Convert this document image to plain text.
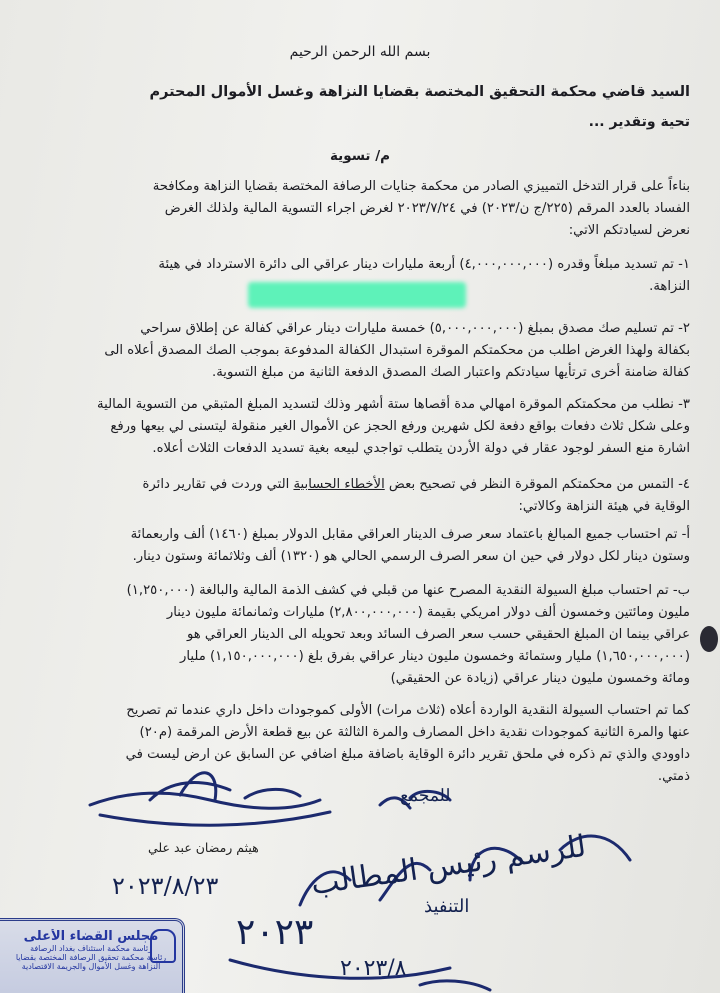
بسم الله الرحمن الرحيم
السيد قاضي محكمة التحقيق المختصة بقضايا النزاهة وغسل الأموال المحترم
تحية وتقدير ...
م/ تسوية
بناءاً على قرار التدخل التمييزي الصادر من محكمة جنايات الرصافة المختصة بقضايا النزاهة ومكافحة
الفساد بالعدد المرقم (٢٢٥/ج ن/٢٠٢٣) في ٢٠٢٣/٧/٢٤ لغرض اجراء التسوية المالية ولذلك الغرض
نعرض لسيادتكم الاتي:
١- تم تسديد مبلغاً وقدره (٤,٠٠٠,٠٠٠,٠٠٠) أربعة مليارات دينار عراقي الى دائرة الاسترداد في هيئة
النزاهة.
٢- تم تسليم صك مصدق بمبلغ (٥,٠٠٠,٠٠٠,٠٠٠) خمسة مليارات دينار عراقي كفالة عن إطلاق سراحي
بكفالة ولهذا الغرض اطلب من محكمتكم الموقرة استبدال الكفالة المدفوعة بموجب الصك المصدق أعلاه الى
كفالة ضامنة أخرى ترتأيها سيادتكم واعتبار الصك المصدق الدفعة الثانية من مبلغ التسوية.
٣- نطلب من محكمتكم الموقرة امهالي مدة أقصاها ستة أشهر وذلك لتسديد المبلغ المتبقي من التسوية المالية
وعلى شكل ثلاث دفعات بواقع دفعة لكل شهرين ورفع الحجز عن الأموال الغير منقولة ليتسنى لي بيعها ورفع
اشارة منع السفر لوجود عقار في دولة الأردن يتطلب تواجدي لبيعه بغية تسديد الدفعات الثلاث أعلاه.
٤- التمس من محكمتكم الموقرة النظر في تصحيح بعض الأخطاء الحسابية التي وردت في تقارير دائرة
الوقاية في هيئة النزاهة وكالاتي:
أ- تم احتساب جميع المبالغ باعتماد سعر صرف الدينار العراقي مقابل الدولار بمبلغ (١٤٦٠) ألف واربعمائة
وستون دينار لكل دولار في حين ان سعر الصرف الرسمي الحالي هو (١٣٢٠) ألف وثلاثمائة وستون دينار.
ب- تم احتساب مبلغ السيولة النقدية المصرح عنها من قبلي في كشف الذمة المالية والبالغة (١,٢٥٠,٠٠٠)
مليون ومائتين وخمسون ألف دولار امريكي بقيمة (٢,٨٠٠,٠٠٠,٠٠٠) مليارات وثمانمائة مليون دينار
عراقي بينما ان المبلغ الحقيقي حسب سعر الصرف السائد وبعد تحويله الى الدينار العراقي هو
(١,٦٥٠,٠٠٠,٠٠٠) مليار وستمائة وخمسون مليون دينار عراقي بفرق بلغ (١,١٥٠,٠٠٠,٠٠٠) مليار
ومائة وخمسون مليون دينار عراقي (زيادة عن الحقيقي)
كما تم احتساب السيولة النقدية الواردة أعلاه (ثلاث مرات) الأولى كموجودات داخل داري عندما تم تصريح
عنها والمرة الثانية كموجودات نقدية داخل المصارف والمرة الثالثة عن بيع قطعة الأرض المرقمة (م٢٠)
داوودي والذي تم ذكره في ملحق تقرير دائرة الوقاية باضافة مبلغ اضافي عن السابق عن ارض ليست في
ذمتي.
هيثم رمضان عبد علي
٢٠٢٣/٨/٢٣
للمجمع
للرسم رئيس المطالب
التنفيذ
٢٠٢٣
٢٠٢٣/٨
مجلس القضاء الأعلى
رئاسة محكمة استئناف بغداد الرصافة
رئاسة محكمة تحقيق الرصافة المختصة بقضايا
النزاهة وغسل الأموال والجريمة الاقتصادية
